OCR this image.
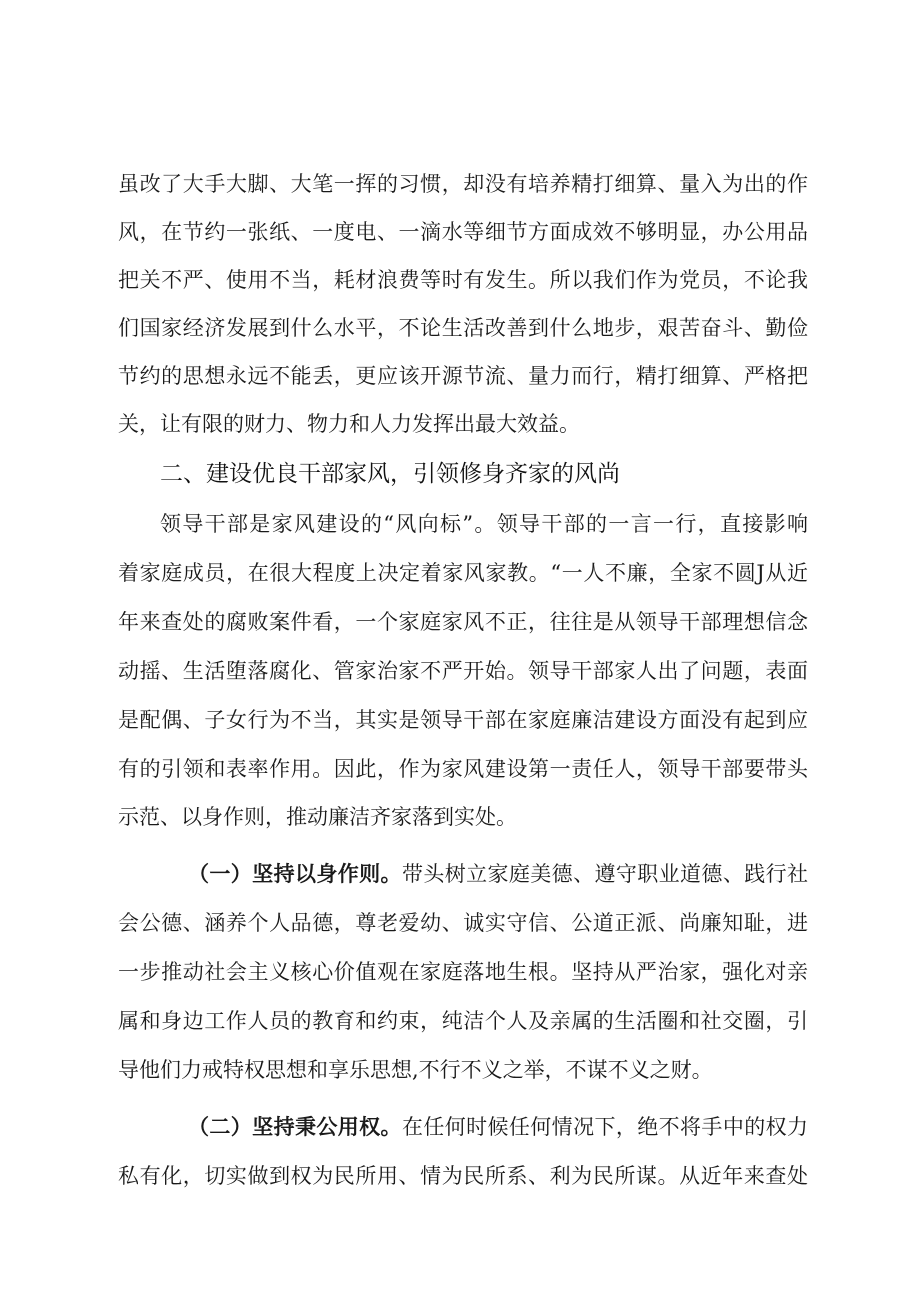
虽改了大手大脚、大笔一挥的习惯，却没有培养精打细算、量入为出的作
风，在节约一张纸、一度电、一滴水等细节方面成效不够明显，办公用品
把关不严、使用不当，耗材浪费等时有发生。所以我们作为党员，不论我
们国家经济发展到什么水平，不论生活改善到什么地步，艰苦奋斗、勤俭
节约的思想永远不能丢，更应该开源节流、量力而行，精打细算、严格把
关，让有限的财力、物力和人力发挥出最大效益。
二、建设优良干部家风，引领修身齐家的风尚
领导干部是家风建设的“风向标”。领导干部的一言一行，直接影响
着家庭成员，在很大程度上决定着家风家教。“一人不廉，全家不圆J从近
年来查处的腐败案件看，一个家庭家风不正，往往是从领导干部理想信念
动摇、生活堕落腐化、管家治家不严开始。领导干部家人出了问题，表面
是配偶、子女行为不当，其实是领导干部在家庭廉洁建设方面没有起到应
有的引领和表率作用。因此，作为家风建设第一责任人，领导干部要带头
示范、以身作则，推动廉洁齐家落到实处。
（一）坚持以身作则。带头树立家庭美德、遵守职业道德、践行社
会公德、涵养个人品德，尊老爱幼、诚实守信、公道正派、尚廉知耻，进
一步推动社会主义核心价值观在家庭落地生根。坚持从严治家，强化对亲
属和身边工作人员的教育和约束，纯洁个人及亲属的生活圈和社交圈，引
导他们力戒特权思想和享乐思想,不行不义之举，不谋不义之财。
（二）坚持秉公用权。在任何时候任何情况下，绝不将手中的权力
私有化，切实做到权为民所用、情为民所系、利为民所谋。从近年来查处
